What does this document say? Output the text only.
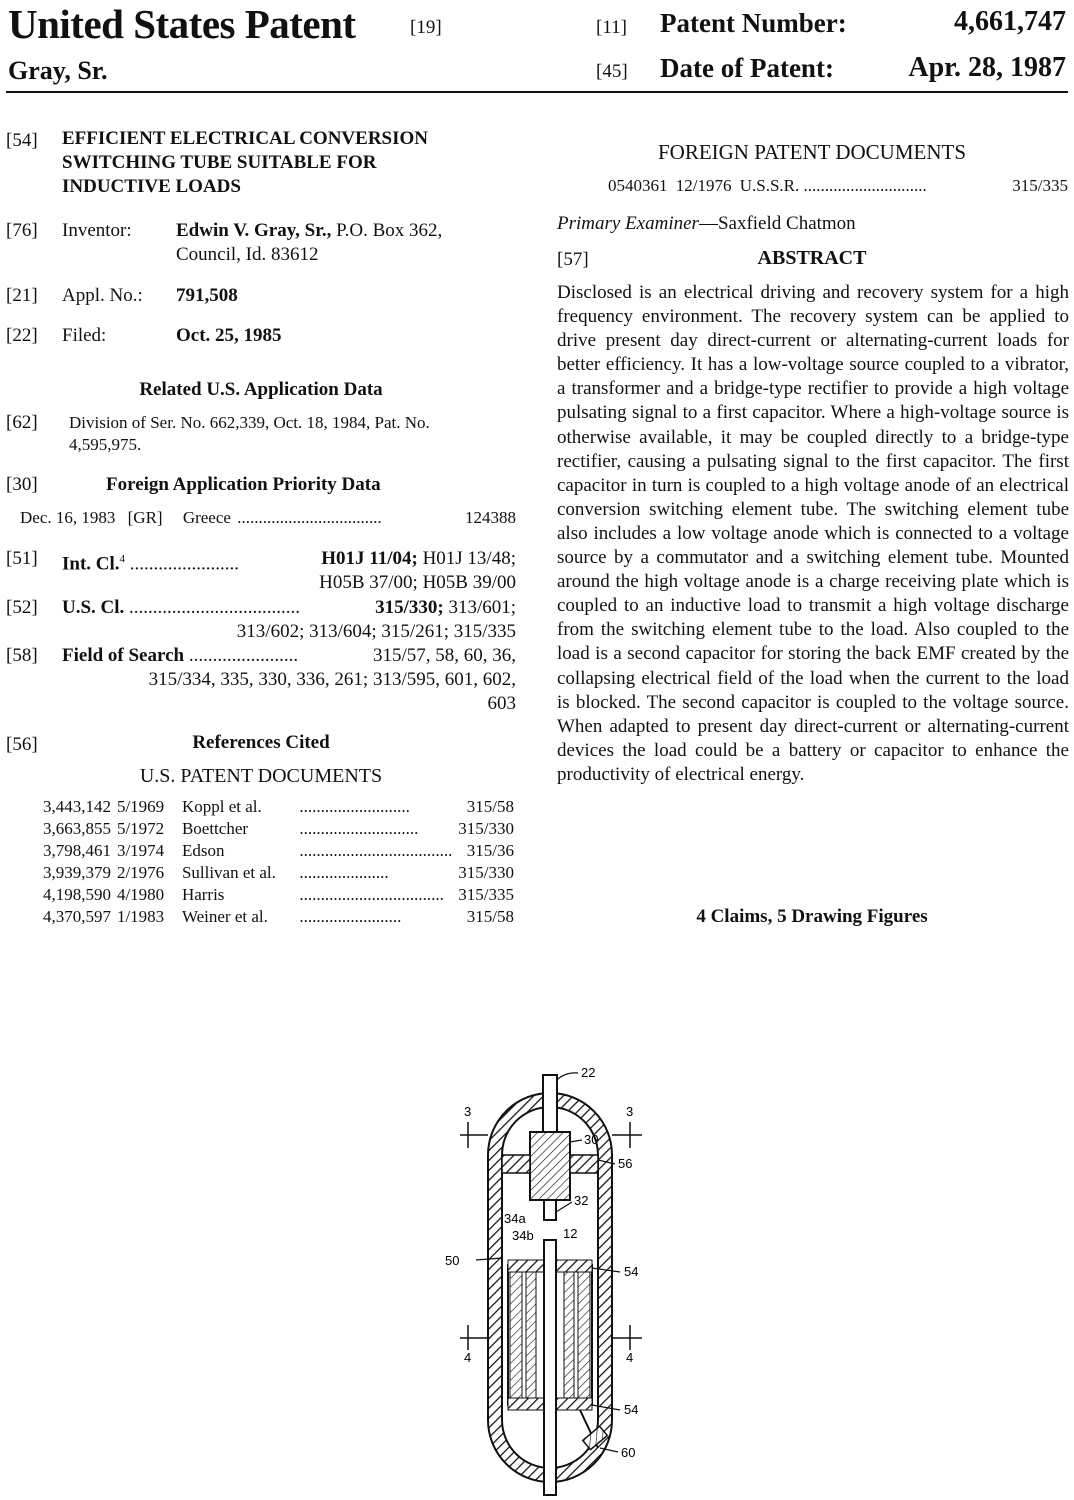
United States Patent	[19]
Gray, Sr.
[11] Patent Number:	4,661,747
[45] Date of Patent:	Apr. 28, 1987
[54] EFFICIENT ELECTRICAL CONVERSION
SWITCHING TUBE SUITABLE FOR
INDUCTIVE LOADS
[76] Inventor: Edwin V. Gray, Sr., P.O. Box 362,
Council, Id. 83612
[21] Appl. No.: 791,508
[22] Filed:	Oct. 25, 1985
Related U.S. Application Data
[62] Division of Ser. No. 662,339, Oct. 18, 1984, Pat. No.
4,595,975.
[30]	Foreign Application Priority Data
Dec. 16, 1983 [GR] Greece ..................................	124388
[51] Int. Cl.$^4$ .......................	H01J 11/04; H01J 13/48;
H05B 37/00; H05B 39/00
[52] U.S. Cl. ....................................	315/330; 313/601;
313/602; 313/604; 315/261; 315/335
[58] Field of Search .......................	315/57, 58, 60, 36,
315/334, 335, 330, 336, 261; 313/595, 601, 602,
603
[56]	References Cited
U.S. PATENT DOCUMENTS
3,443,142	5/1969	Koppl et al.	..........................	315/58
3,663,855	5/1972	Boettcher	............................	315/330
3,798,461	3/1974	Edson	....................................	315/36
3,939,379	2/1976	Sullivan et al.	.....................	315/330
4,198,590	4/1980	Harris	..................................	315/335
4,370,597	1/1983	Weiner et al.	........................	315/58
FOREIGN PATENT DOCUMENTS
0540361 12/1976 U.S.S.R. .............................	315/335
Primary Examiner—Saxfield Chatmon
[57]	ABSTRACT
Disclosed is an electrical driving and recovery system for a high frequency environment. The recovery system can be applied to drive present day direct-current or alternating-current loads for better efficiency. It has a low-voltage source coupled to a vibrator, a transformer and a bridge-type rectifier to provide a high voltage pulsating signal to a first capacitor. Where a high-voltage source is otherwise available, it may be coupled directly to a bridge-type rectifier, causing a pulsating signal to the first capacitor. The first capacitor in turn is coupled to a high voltage anode of an electrical conversion switching element tube. The switching element tube also includes a low voltage anode which is connected to a voltage source by a commutator and a switching element tube. Mounted around the high voltage anode is a charge receiving plate which is coupled to an inductive load to transmit a high voltage discharge from the switching element tube to the load. Also coupled to the load is a second capacitor for storing the back EMF created by the collapsing electrical field of the load when the current to the load is blocked. The second capacitor is coupled to the voltage source. When adapted to present day direct-current or alternating-current devices the load could be a battery or capacitor to enhance the productivity of electrical energy.
4 Claims, 5 Drawing Figures
22
3	3
30
56
32
34a
34b 12
50
54
4	4
54
60
